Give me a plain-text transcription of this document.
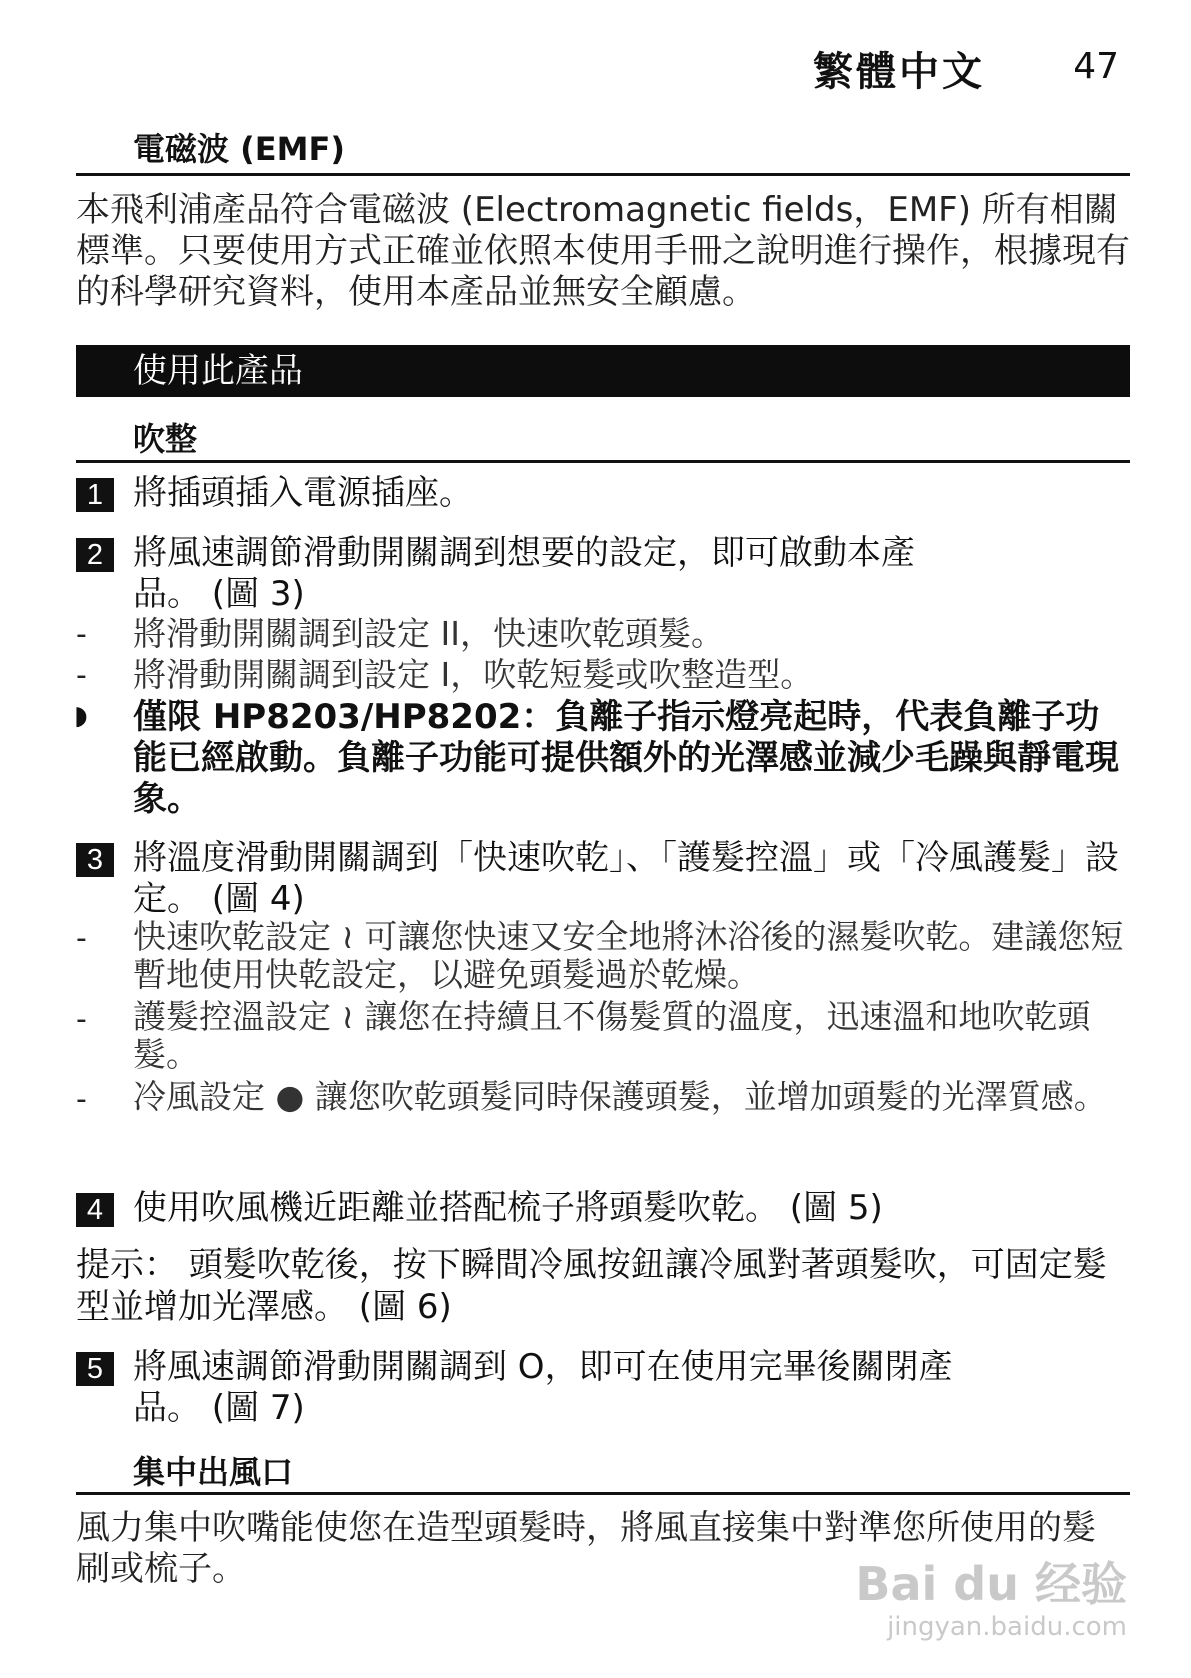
繁體中文 47
電磁波 (EMF)
本飛利浦產品符合電磁波 (Electromagnetic fields，EMF) 所有相關標準。只要使用方式正確並依照本使用手冊之說明進行操作，根據現有的科學研究資料，使用本產品並無安全顧慮。
使用此產品
吹整
1 將插頭插入電源插座。
2 將風速調節滑動開關調到想要的設定，即可啟動本產品。 (圖 3)
- 將滑動開關調到設定 II，快速吹乾頭髮。
- 將滑動開關調到設定 I，吹乾短髮或吹整造型。
◗ 僅限 HP8203/HP8202：負離子指示燈亮起時，代表負離子功能已經啟動。負離子功能可提供額外的光澤感並減少毛躁與靜電現象。
3 將溫度滑動開關調到「快速吹乾」、「護髮控溫」或「冷風護髮」設定。 (圖 4)
- 快速吹乾設定 ≀ 可讓您快速又安全地將沐浴後的濕髮吹乾。建議您短暫地使用快乾設定，以避免頭髮過於乾燥。
- 護髮控溫設定 ≀ 讓您在持續且不傷髮質的溫度，迅速溫和地吹乾頭髮。
- 冷風設定 ● 讓您吹乾頭髮同時保護頭髮，並增加頭髮的光澤質感。
4 使用吹風機近距離並搭配梳子將頭髮吹乾。 (圖 5)
提示： 頭髮吹乾後，按下瞬間冷風按鈕讓冷風對著頭髮吹，可固定髮型並增加光澤感。 (圖 6)
5 將風速調節滑動開關調到 O，即可在使用完畢後關閉產品。 (圖 7)
集中出風口
風力集中吹嘴能使您在造型頭髮時，將風直接集中對準您所使用的髮刷或梳子。	Bai du 经验
jingyan.baidu.com
